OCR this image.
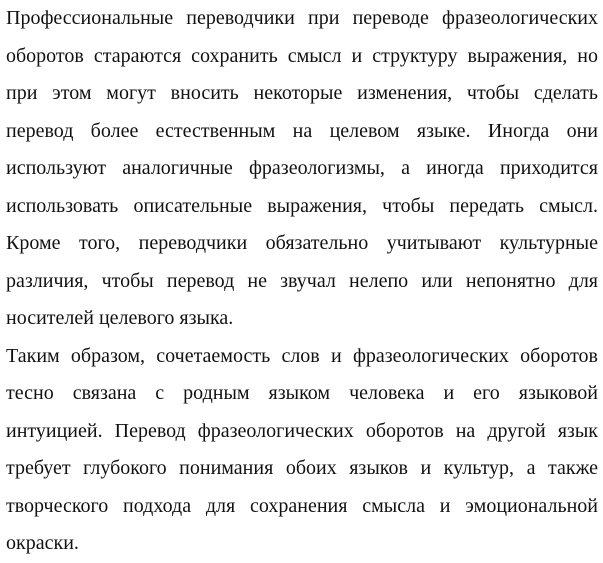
Профессиональные переводчики при переводе фразеологических
оборотов стараются сохранить смысл и структуру выражения, но
при этом могут вносить некоторые изменения, чтобы сделать
перевод более естественным на целевом языке. Иногда они
используют аналогичные фразеологизмы, а иногда приходится
использовать описательные выражения, чтобы передать смысл.
Кроме того, переводчики обязательно учитывают культурные
различия, чтобы перевод не звучал нелепо или непонятно для
носителей целевого языка.
Таким образом, сочетаемость слов и фразеологических оборотов
тесно связана с родным языком человека и его языковой
интуицией. Перевод фразеологических оборотов на другой язык
требует глубокого понимания обоих языков и культур, а также
творческого подхода для сохранения смысла и эмоциональной
окраски.
